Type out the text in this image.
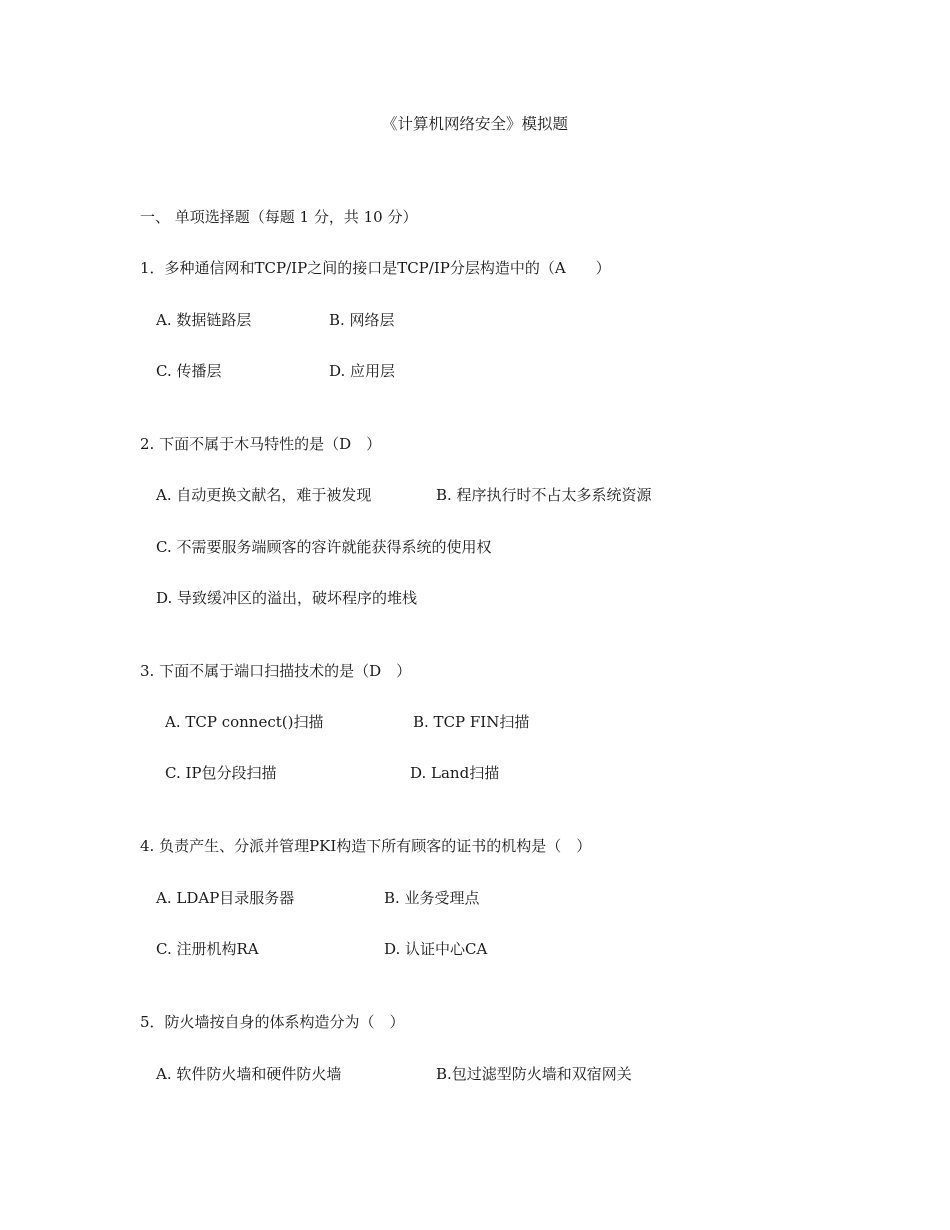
《计算机网络安全》模拟题
一、 单项选择题（每题 1 分，共 10 分）
1．多种通信网和TCP/IP之间的接口是TCP/IP分层构造中的（A　　）
A. 数据链路层	B. 网络层
C. 传播层	D. 应用层
2. 下面不属于木马特性的是（D　）
A. 自动更换文献名，难于被发现	B. 程序执行时不占太多系统资源
C. 不需要服务端顾客的容许就能获得系统的使用权
D. 导致缓冲区的溢出，破坏程序的堆栈
3. 下面不属于端口扫描技术的是（D　）
A. TCP connect()扫描	B. TCP FIN扫描
C. IP包分段扫描	D. Land扫描
4. 负责产生、分派并管理PKI构造下所有顾客的证书的机构是（　）
A. LDAP目录服务器	B. 业务受理点
C. 注册机构RA	D. 认证中心CA
5．防火墙按自身的体系构造分为（　）
A. 软件防火墙和硬件防火墙	B.包过滤型防火墙和双宿网关
